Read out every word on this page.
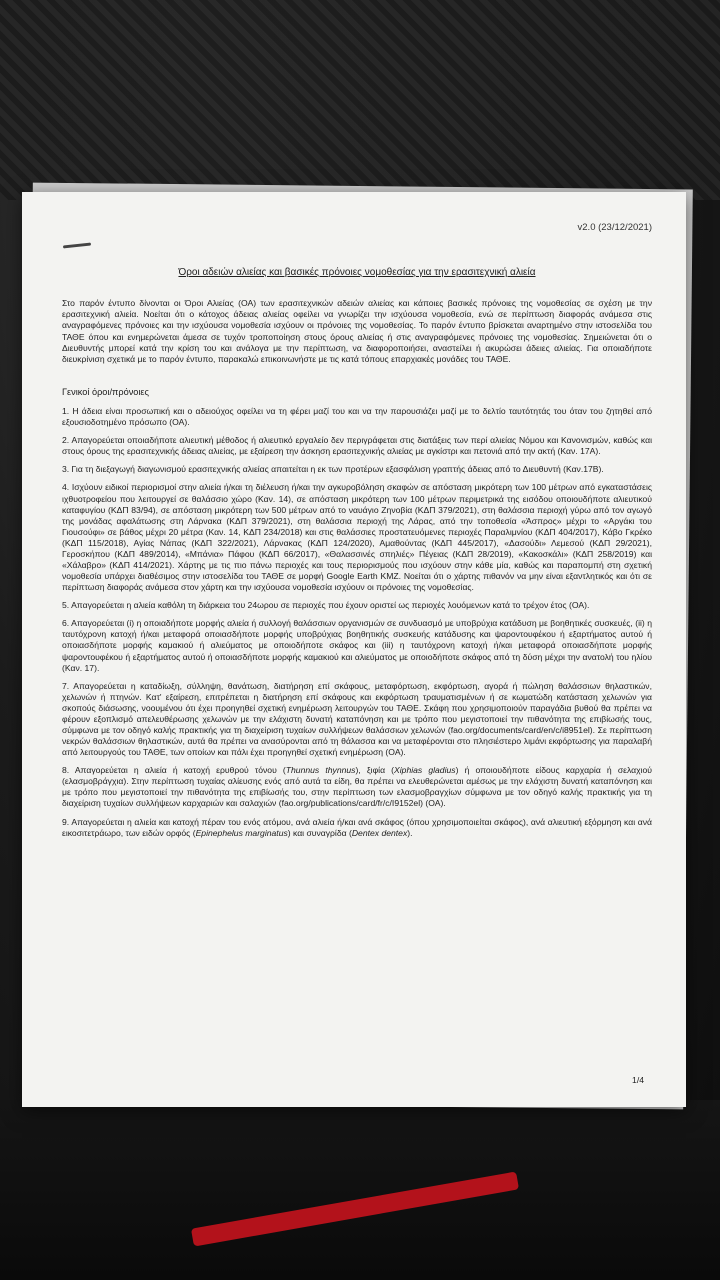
v2.0 (23/12/2021)
Όροι αδειών αλιείας και βασικές πρόνοιες νομοθεσίας για την ερασιτεχνική αλιεία

Στο παρόν έντυπο δίνονται οι Όροι Αλιείας (ΟΑ) των ερασιτεχνικών αδειών αλιείας και κάποιες βασικές πρόνοιες της νομοθεσίας σε σχέση με την ερασιτεχνική αλιεία. Νοείται ότι ο κάτοχος άδειας αλιείας οφείλει να γνωρίζει την ισχύουσα νομοθεσία, ενώ σε περίπτωση διαφοράς ανάμεσα στις αναγραφόμενες πρόνοιες και την ισχύουσα νομοθεσία ισχύουν οι πρόνοιες της νομοθεσίας. Το παρόν έντυπο βρίσκεται αναρτημένο στην ιστοσελίδα του ΤΑΘΕ όπου και ενημερώνεται άμεσα σε τυχόν τροποποίηση στους όρους αλιείας ή στις αναγραφόμενες πρόνοιες της νομοθεσίας. Σημειώνεται ότι ο Διευθυντής μπορεί κατά την κρίση του και ανάλογα με την περίπτωση, να διαφοροποιήσει, αναστείλει ή ακυρώσει άδειες αλιείας. Για οποιαδήποτε διευκρίνιση σχετικά με το παρόν έντυπο, παρακαλώ επικοινωνήστε με τις κατά τόπους επαρχιακές μονάδες του ΤΑΘΕ.

Γενικοί όροι/πρόνοιες

1. Η άδεια είναι προσωπική και ο αδειούχος οφείλει να τη φέρει μαζί του και να την παρουσιάζει μαζί με το δελτίο ταυτότητάς του όταν του ζητηθεί από εξουσιοδοτημένο πρόσωπο (ΟΑ).

2. Απαγορεύεται οποιαδήποτε αλιευτική μέθοδος ή αλιευτικό εργαλείο δεν περιγράφεται στις διατάξεις των περί αλιείας Νόμου και Κανονισμών, καθώς και στους όρους της ερασιτεχνικής άδειας αλιείας, με εξαίρεση την άσκηση ερασιτεχνικής αλιείας με αγκίστρι και πετονιά από την ακτή (Καν. 17Α).

3. Για τη διεξαγωγή διαγωνισμού ερασιτεχνικής αλιείας απαιτείται η εκ των προτέρων εξασφάλιση γραπτής άδειας από το Διευθυντή (Καν.17Β).

4. Ισχύουν ειδικοί περιορισμοί στην αλιεία ή/και τη διέλευση ή/και την αγκυροβόληση σκαφών σε απόσταση μικρότερη των 100 μέτρων από εγκαταστάσεις ιχθυοτροφείου που λειτουργεί σε θαλάσσιο χώρο (Καν. 14), σε απόσταση μικρότερη των 100 μέτρων περιμετρικά της εισόδου οποιουδήποτε αλιευτικού καταφυγίου (ΚΔΠ 83/94), σε απόσταση μικρότερη των 500 μέτρων από το ναυάγιο Ζηνοβία (ΚΔΠ 379/2021), στη θαλάσσια περιοχή γύρω από τον αγωγό της μονάδας αφαλάτωσης στη Λάρνακα (ΚΔΠ 379/2021), στη θαλάσσια περιοχή της Λάρας, από την τοποθεσία «Άσπρος» μέχρι το «Αργάκι του Γιουσούφι» σε βάθος μέχρι 20 μέτρα (Καν. 14, ΚΔΠ 234/2018) και στις θαλάσσιες προστατευόμενες περιοχές Παραλιμνίου (ΚΔΠ 404/2017), Κάβο Γκρέκο (ΚΔΠ 115/2018), Αγίας Νάπας (ΚΔΠ 322/2021), Λάρνακας (ΚΔΠ 124/2020), Αμαθούντας (ΚΔΠ 445/2017), «Δασούδι» Λεμεσού (ΚΔΠ 29/2021), Γεροσκήπου (ΚΔΠ 489/2014), «Μπάνια» Πάφου (ΚΔΠ 66/2017), «Θαλασσινές σπηλιές» Πέγειας (ΚΔΠ 28/2019), «Κακοσκάλι» (ΚΔΠ 258/2019) και «Χάλαβρο» (ΚΔΠ 414/2021). Χάρτης με τις πιο πάνω περιοχές και τους περιορισμούς που ισχύουν στην κάθε μία, καθώς και παραπομπή στη σχετική νομοθεσία υπάρχει διαθέσιμος στην ιστοσελίδα του ΤΑΘΕ σε μορφή Google Earth KMZ. Νοείται ότι ο χάρτης πιθανόν να μην είναι εξαντλητικός και ότι σε περίπτωση διαφοράς ανάμεσα στον χάρτη και την ισχύουσα νομοθεσία ισχύουν οι πρόνοιες της νομοθεσίας.

5. Απαγορεύεται η αλιεία καθόλη τη διάρκεια του 24ωρου σε περιοχές που έχουν οριστεί ως περιοχές λουόμενων κατά το τρέχον έτος (ΟΑ).

6. Απαγορεύεται (i) η οποιαδήποτε μορφής αλιεία ή συλλογή θαλάσσιων οργανισμών σε συνδυασμό με υποβρύχια κατάδυση με βοηθητικές συσκευές, (ii) η ταυτόχρονη κατοχή ή/και μεταφορά οποιασδήποτε μορφής υποβρύχιας βοηθητικής συσκευής κατάδυσης και ψαροντουφέκου ή εξαρτήματος αυτού ή οποιασδήποτε μορφής καμακιού ή αλιεύματος με οποιοδήποτε σκάφος και (iii) η ταυτόχρονη κατοχή ή/και μεταφορά οποιασδήποτε μορφής ψαροντουφέκου ή εξαρτήματος αυτού ή οποιασδήποτε μορφής καμακιού και αλιεύματος με οποιοδήποτε σκάφος από τη δύση μέχρι την ανατολή του ηλίου (Καν. 17).

7. Απαγορεύεται η καταδίωξη, σύλληψη, θανάτωση, διατήρηση επί σκάφους, μεταφόρτωση, εκφόρτωση, αγορά ή πώληση θαλάσσιων θηλαστικών, χελωνών ή πτηνών. Κατ' εξαίρεση, επιτρέπεται η διατήρηση επί σκάφους και εκφόρτωση τραυματισμένων ή σε κωματώδη κατάσταση χελωνών για σκοπούς διάσωσης, νοουμένου ότι έχει προηγηθεί σχετική ενημέρωση λειτουργών του ΤΑΘΕ. Σκάφη που χρησιμοποιούν παραγάδια βυθού θα πρέπει να φέρουν εξοπλισμό απελευθέρωσης χελωνών με την ελάχιστη δυνατή καταπόνηση και με τρόπο που μεγιστοποιεί την πιθανότητα της επιβίωσής τους, σύμφωνα με τον οδηγό καλής πρακτικής για τη διαχείριση τυχαίων συλλήψεων θαλάσσιων χελωνών (fao.org/documents/card/en/c/i8951el). Σε περίπτωση νεκρών θαλάσσιων θηλαστικών, αυτά θα πρέπει να ανασύρονται από τη θάλασσα και να μεταφέρονται στο πλησιέστερο λιμάνι εκφόρτωσης για παραλαβή από λειτουργούς του ΤΑΘΕ, των οποίων και πάλι έχει προηγηθεί σχετική ενημέρωση (ΟΑ).

8. Απαγορεύεται η αλιεία ή κατοχή ερυθρού τόνου (Thunnus thynnus), ξιφία (Xiphias gladius) ή οποιουδήποτε είδους καρχαρία ή σελαχιού (ελασμοβράγχια). Στην περίπτωση τυχαίας αλίευσης ενός από αυτά τα είδη, θα πρέπει να ελευθερώνεται αμέσως με την ελάχιστη δυνατή καταπόνηση και με τρόπο που μεγιστοποιεί την πιθανότητα της επιβίωσής του, στην περίπτωση των ελασμοβραγχίων σύμφωνα με τον οδηγό καλής πρακτικής για τη διαχείριση τυχαίων συλλήψεων καρχαριών και σαλαχιών (fao.org/publications/card/fr/c/I9152el) (ΟΑ).

9. Απαγορεύεται η αλιεία και κατοχή πέραν του ενός ατόμου, ανά αλιεία ή/και ανά σκάφος (όπου χρησιμοποιείται σκάφος), ανά αλιευτική εξόρμηση και ανά εικοσιτετράωρο, των ειδών ορφός (Epinephelus marginatus) και συναγρίδα (Dentex dentex).

1/4
